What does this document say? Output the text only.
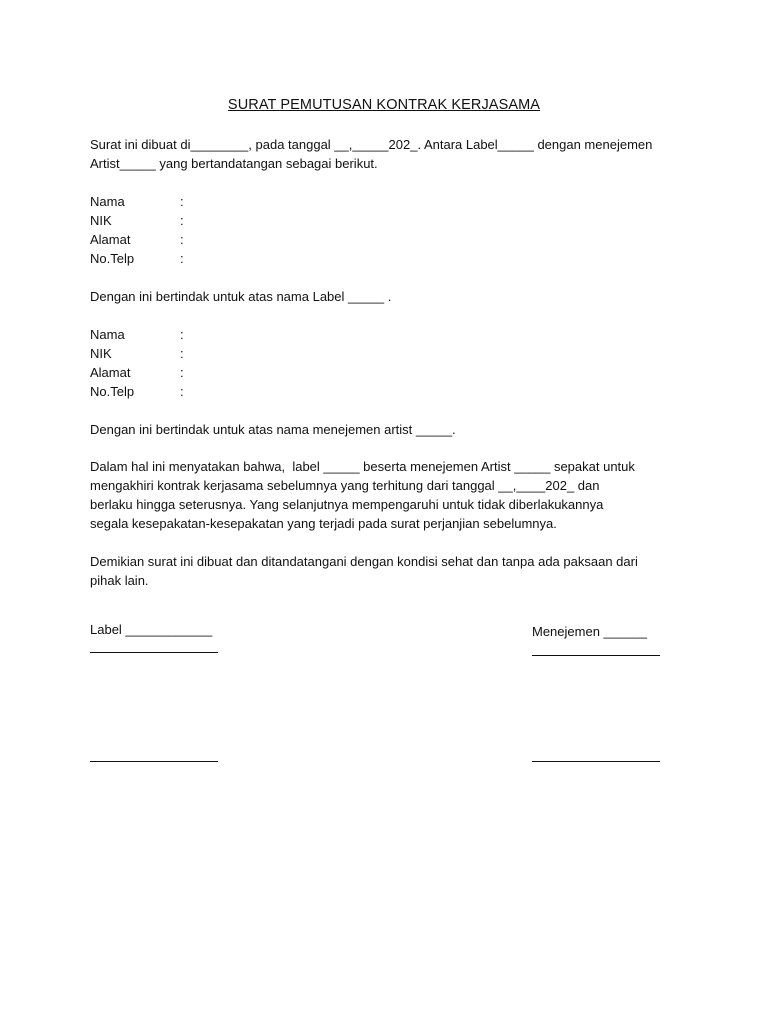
SURAT PEMUTUSAN KONTRAK KERJASAMA

Surat ini dibuat di________, pada tanggal __,_____202_. Antara Label_____ dengan menejemen
Artist_____ yang bertandatangan sebagai berikut.

Nama	:
NIK	:
Alamat	:
No.Telp	:

Dengan ini bertindak untuk atas nama Label _____ .

Nama	:
NIK	:
Alamat	:
No.Telp	:

Dengan ini bertindak untuk atas nama menejemen artist _____.

Dalam hal ini menyatakan bahwa,  label _____ beserta menejemen Artist _____ sepakat untuk
mengakhiri kontrak kerjasama sebelumnya yang terhitung dari tanggal __,____202_ dan
berlaku hingga seterusnya. Yang selanjutnya mempengaruhi untuk tidak diberlakukannya
segala kesepakatan-kesepakatan yang terjadi pada surat perjanjian sebelumnya.

Demikian surat ini dibuat dan ditandatangani dengan kondisi sehat dan tanpa ada paksaan dari
pihak lain.

Label ____________	Menejemen ______
